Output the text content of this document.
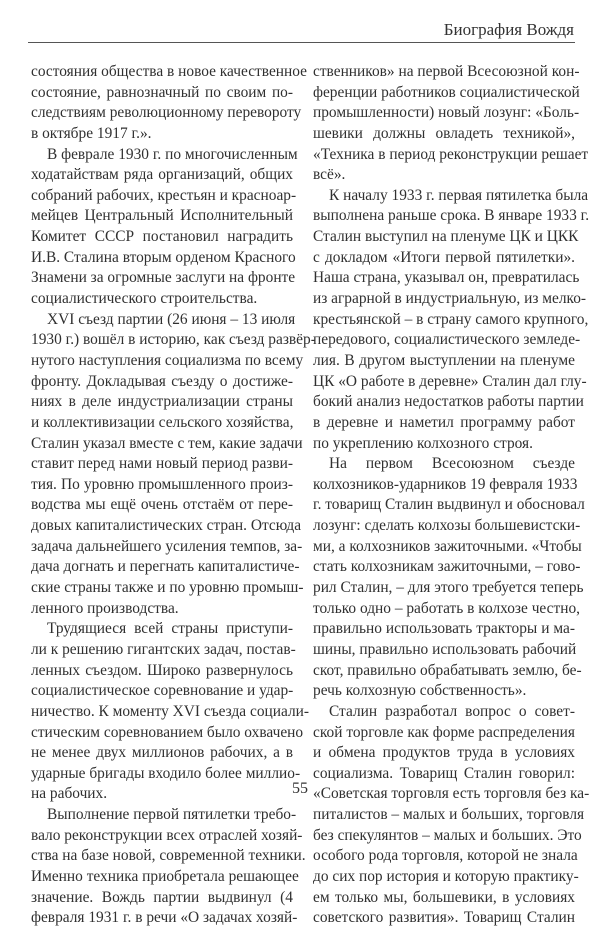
Биография Вождя
состояния общества в новое качественное
состояние, равнозначный по своим по-
следствиям революционному перевороту
в октябре 1917 г.».
В феврале 1930 г. по многочисленным
ходатайствам ряда организаций, общих
собраний рабочих, крестьян и красноар-
мейцев Центральный Исполнительный
Комитет СССР постановил наградить
И.В. Сталина вторым орденом Красного
Знамени за огромные заслуги на фронте
социалистического строительства.
XVI съезд партии (26 июня – 13 июля
1930 г.) вошёл в историю, как съезд развёр-
нутого наступления социализма по всему
фронту. Докладывая съезду о достиже-
ниях в деле индустриализации страны
и коллективизации сельского хозяйства,
Сталин указал вместе с тем, какие задачи
ставит перед нами новый период разви-
тия. По уровню промышленного произ-
водства мы ещё очень отстаём от пере-
довых капиталистических стран. Отсюда
задача дальнейшего усиления темпов, за-
дача догнать и перегнать капиталистиче-
ские страны также и по уровню промыш-
ленного производства.
Трудящиеся всей страны приступи-
ли к решению гигантских задач, постав-
ленных съездом. Широко развернулось
социалистическое соревнование и удар-
ничество. К моменту XVI съезда социали-
стическим соревнованием было охвачено
не менее двух миллионов рабочих, а в
ударные бригады входило более миллио-
на рабочих.
Выполнение первой пятилетки требо-
вало реконструкции всех отраслей хозяй-
ства на базе новой, современной техники.
Именно техника приобретала решающее
значение. Вождь партии выдвинул (4
февраля 1931 г. в речи «О задачах хозяй-
ственников» на первой Всесоюзной кон-
ференции работников социалистической
промышленности) новый лозунг: «Боль-
шевики должны овладеть техникой»,
«Техника в период реконструкции решает
всё».
К началу 1933 г. первая пятилетка была
выполнена раньше срока. В январе 1933 г.
Сталин выступил на пленуме ЦК и ЦКК
с докладом «Итоги первой пятилетки».
Наша страна, указывал он, превратилась
из аграрной в индустриальную, из мелко-
крестьянской – в страну самого крупного,
передового, социалистического земледе-
лия. В другом выступлении на пленуме
ЦК «О работе в деревне» Сталин дал глу-
бокий анализ недостатков работы партии
в деревне и наметил программу работ
по укреплению колхозного строя.
На первом Всесоюзном съезде
колхозников-ударников 19 февраля 1933
г. товарищ Сталин выдвинул и обосновал
лозунг: сделать колхозы большевистски-
ми, а колхозников зажиточными. «Чтобы
стать колхозникам зажиточными, – гово-
рил Сталин, – для этого требуется теперь
только одно – работать в колхозе честно,
правильно использовать тракторы и ма-
шины, правильно использовать рабочий
скот, правильно обрабатывать землю, бе-
речь колхозную собственность».
Сталин разработал вопрос о совет-
ской торговле как форме распределения
и обмена продуктов труда в условиях
социализма. Товарищ Сталин говорил:
«Советская торговля есть торговля без ка-
питалистов – малых и больших, торговля
без спекулянтов – малых и больших. Это
особого рода торговля, которой не знала
до сих пор история и которую практику-
ем только мы, большевики, в условиях
советского развития». Товарищ Сталин
55
